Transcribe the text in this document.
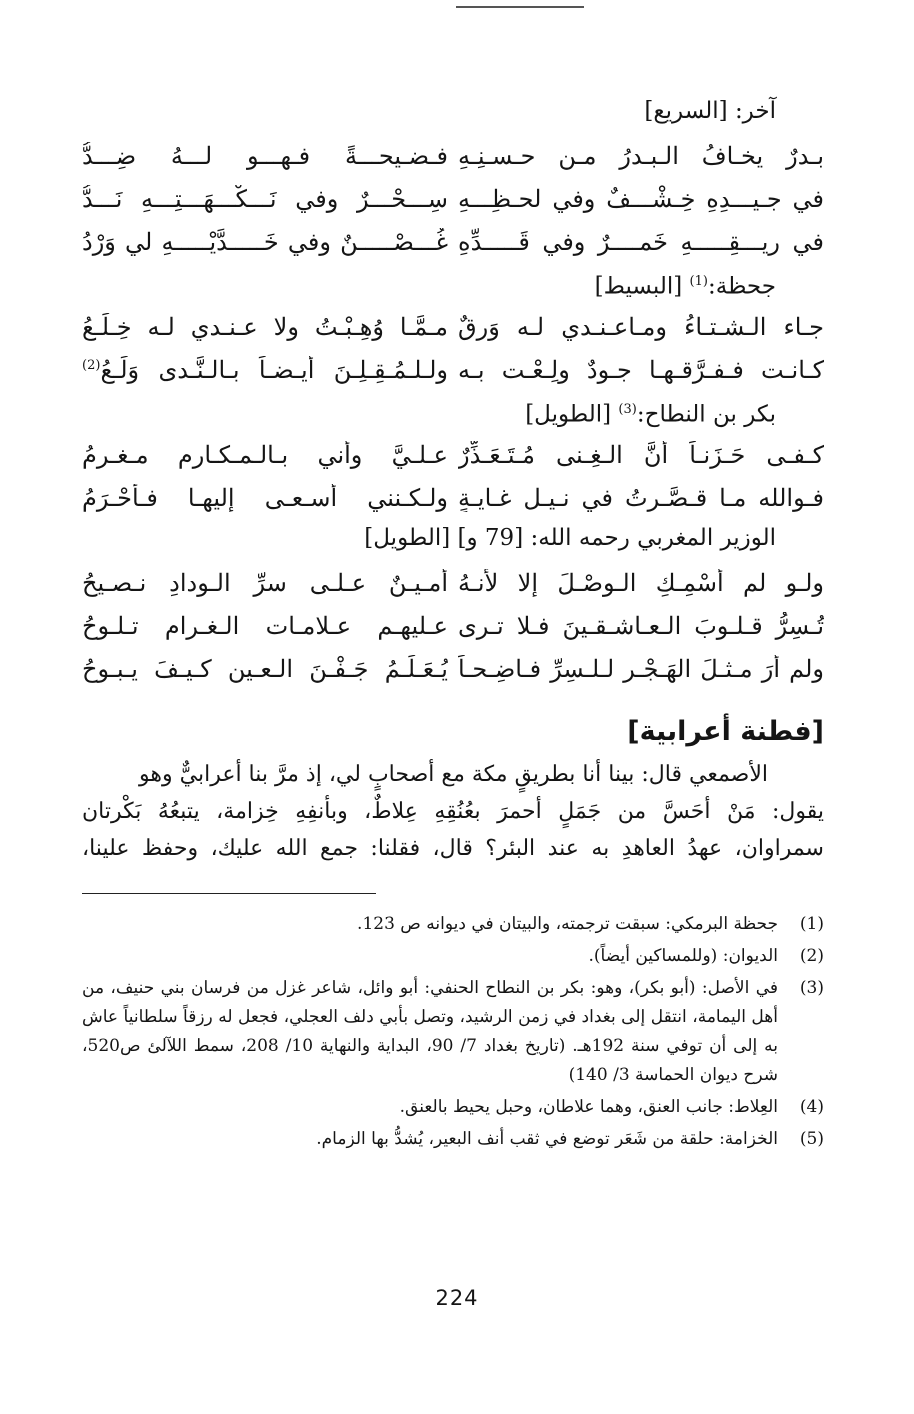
آخر: [السريع]
بـدرٌ يخـافُ الـبـدرُ مـن حـسـنِـهِ
فـضـيحـــةً فـهـــو لـــهُ ضِـــدُّ
في جـيـــدِهِ خِـشْـــفٌ وفي لحـظِـــهِ
سِـــحْـــرٌ وفي نَـــكْـــهَـــتِـــهِ نَـــدُّ
في ريـــقِـــــهِ خَمــــرٌ وفي قَـــــدِّهِ
غُـــصْـــــنٌ وفي خَـــــدَّيْـــــهِ لي وَرْدُ
جحظة:$^{(1)}$ [البسيط]
جـاء الـشـتـاءُ ومـاعـنـدي لـه وَرقٌ
مـمَّـا وُهِـبْـتُ ولا عـنـدي لـه خِـلَـعُ
كـانـت فـفـرَّقـهـا جـودٌ ولِـعْـت بـه
ولـلـمُـقِـلِـنَ أيـضـاً بـالـنَّـدى وَلَـعُ$^{(2)}$
بكر بن النطاح:$^{(3)}$ [الطويل]
كـفـى حَـزَنـاً أنَّ الـغِـنى مُـتَـعَـذِّرٌ
عـلـيَّ وأني بـالـمـكـارم مـغـرمُ
فـوالله مـا قـصَّـرتُ في نـيـلِ غـايـةٍ
ولـكـنني أسـعـى إليهـا فـأحْـرَمُ
الوزير المغربي رحمه الله: [79 و] [الطويل]
ولـو لم أُسْمِـكِ الـوصْـلَ إلا لأنـهُ
أمـيـنٌ عـلـى سرِّ الـودادِ نـصـيحُ
تُـسِرُّ قـلـوبَ الـعـاشـقـينَ فـلا تـرى
عـليهـم عـلامـات الـغـرام تـلـوحُ
ولم أرَ مـثـلَ الهَـجْـرِ لـلـسِرِّ فـاضِـحـاً
يُـعَـلِّـمُ جَـفْـنَ الـعـينِ كـيـفَ يـبـوحُ
[فطنة أعرابية]
الأصمعي قال: بينا أنا بطريقٍ مكة مع أصحابٍ لي، إذ مرَّ بنا أعرابيٌّ وهو
يقول: مَنْ أحَسَّ من جَمَلٍ أحمرَ بعُنُقِهِ عِلاطٌ، وبأنفِهِ خِزامة، يتبعُهُ بَكْرتان
سمراوان، عهدُ العاهدِ به عند البئر؟ قال، فقلنا: جمع الله عليك، وحفظ علينا،
(1)
جحظة البرمكي: سبقت ترجمته، والبيتان في ديوانه ص 123.
(2)
الديوان: (وللمساكين أيضاً).
(3)
في الأصل: (أبو بكر)، وهو: بكر بن النطاح الحنفي: أبو وائل، شاعر غزل من فرسان بني حنيف، من أهل اليمامة، انتقل إلى بغداد في زمن الرشيد، وتصل بأبي دلف العجلي، فجعل له رزقاً سلطانياً عاش به إلى أن توفي سنة 192هـ. (تاريخ بغداد 7/ 90، البداية والنهاية 10/ 208، سمط اللآلئ ص520، شرح ديوان الحماسة 3/ 140)
(4)
العِلاط: جانب العنق، وهما علاطان، وحبل يحيط بالعنق.
(5)
الخزامة: حلقة من شَعَر توضع في ثقب أنف البعير، يُشدُّ بها الزمام.
224
